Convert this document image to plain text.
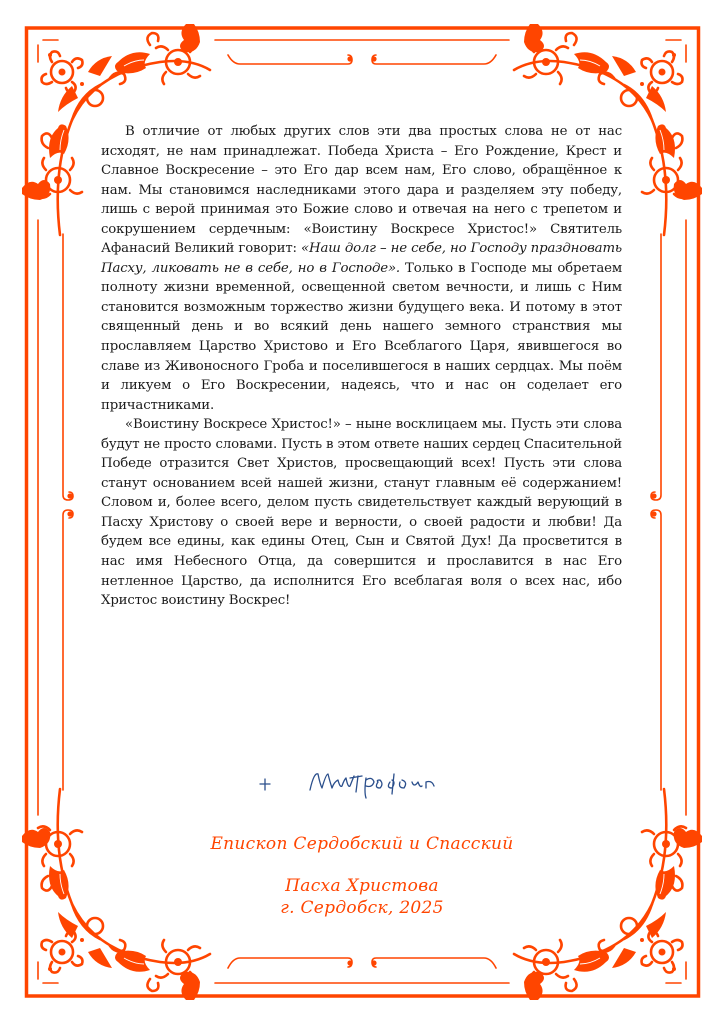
В отличие от любых других слов эти два простых слова не от нас исходят, не нам принадлежат. Победа Христа – Его Рождение, Крест и Славное Воскресение – это Его дар всем нам, Его слово, обращённое к нам. Мы становимся наследниками этого дара и разделяем эту победу, лишь с верой принимая это Божие слово и отвечая на него с трепетом и сокрушением сердечным: «Воистину Воскресе Христос!» Святитель Афанасий Великий говорит: «Наш долг – не себе, но Господу праздновать Пасху, ликовать не в себе, но в Господе». Только в Господе мы обретаем полноту жизни временной, освещенной светом вечности, и лишь с Ним становится возможным торжество жизни будущего века. И потому в этот священный день и во всякий день нашего земного странствия мы прославляем Царство Христово и Его Всеблагого Царя, явившегося во славе из Живоносного Гроба и поселившегося в наших сердцах. Мы поём и ликуем о Его Воскресении, надеясь, что и нас он соделает его причастниками.

«Воистину Воскресе Христос!» – ныне восклицаем мы. Пусть эти слова будут не просто словами. Пусть в этом ответе наших сердец Спасительной Победе отразится Свет Христов, просвещающий всех! Пусть эти слова станут основанием всей нашей жизни, станут главным её содержанием! Словом и, более всего, делом пусть свидетельствует каждый верующий в Пасху Христову о своей вере и верности, о своей радости и любви! Да будем все едины, как едины Отец, Сын и Святой Дух! Да просветится в нас имя Небесного Отца, да совершится и прославится в нас Его нетленное Царство, да исполнится Его всеблагая воля о всех нас, ибо Христос воистину Воскрес!

Епископ Сердобский и Спасский
Пасха Христова
г. Сердобск, 2025
